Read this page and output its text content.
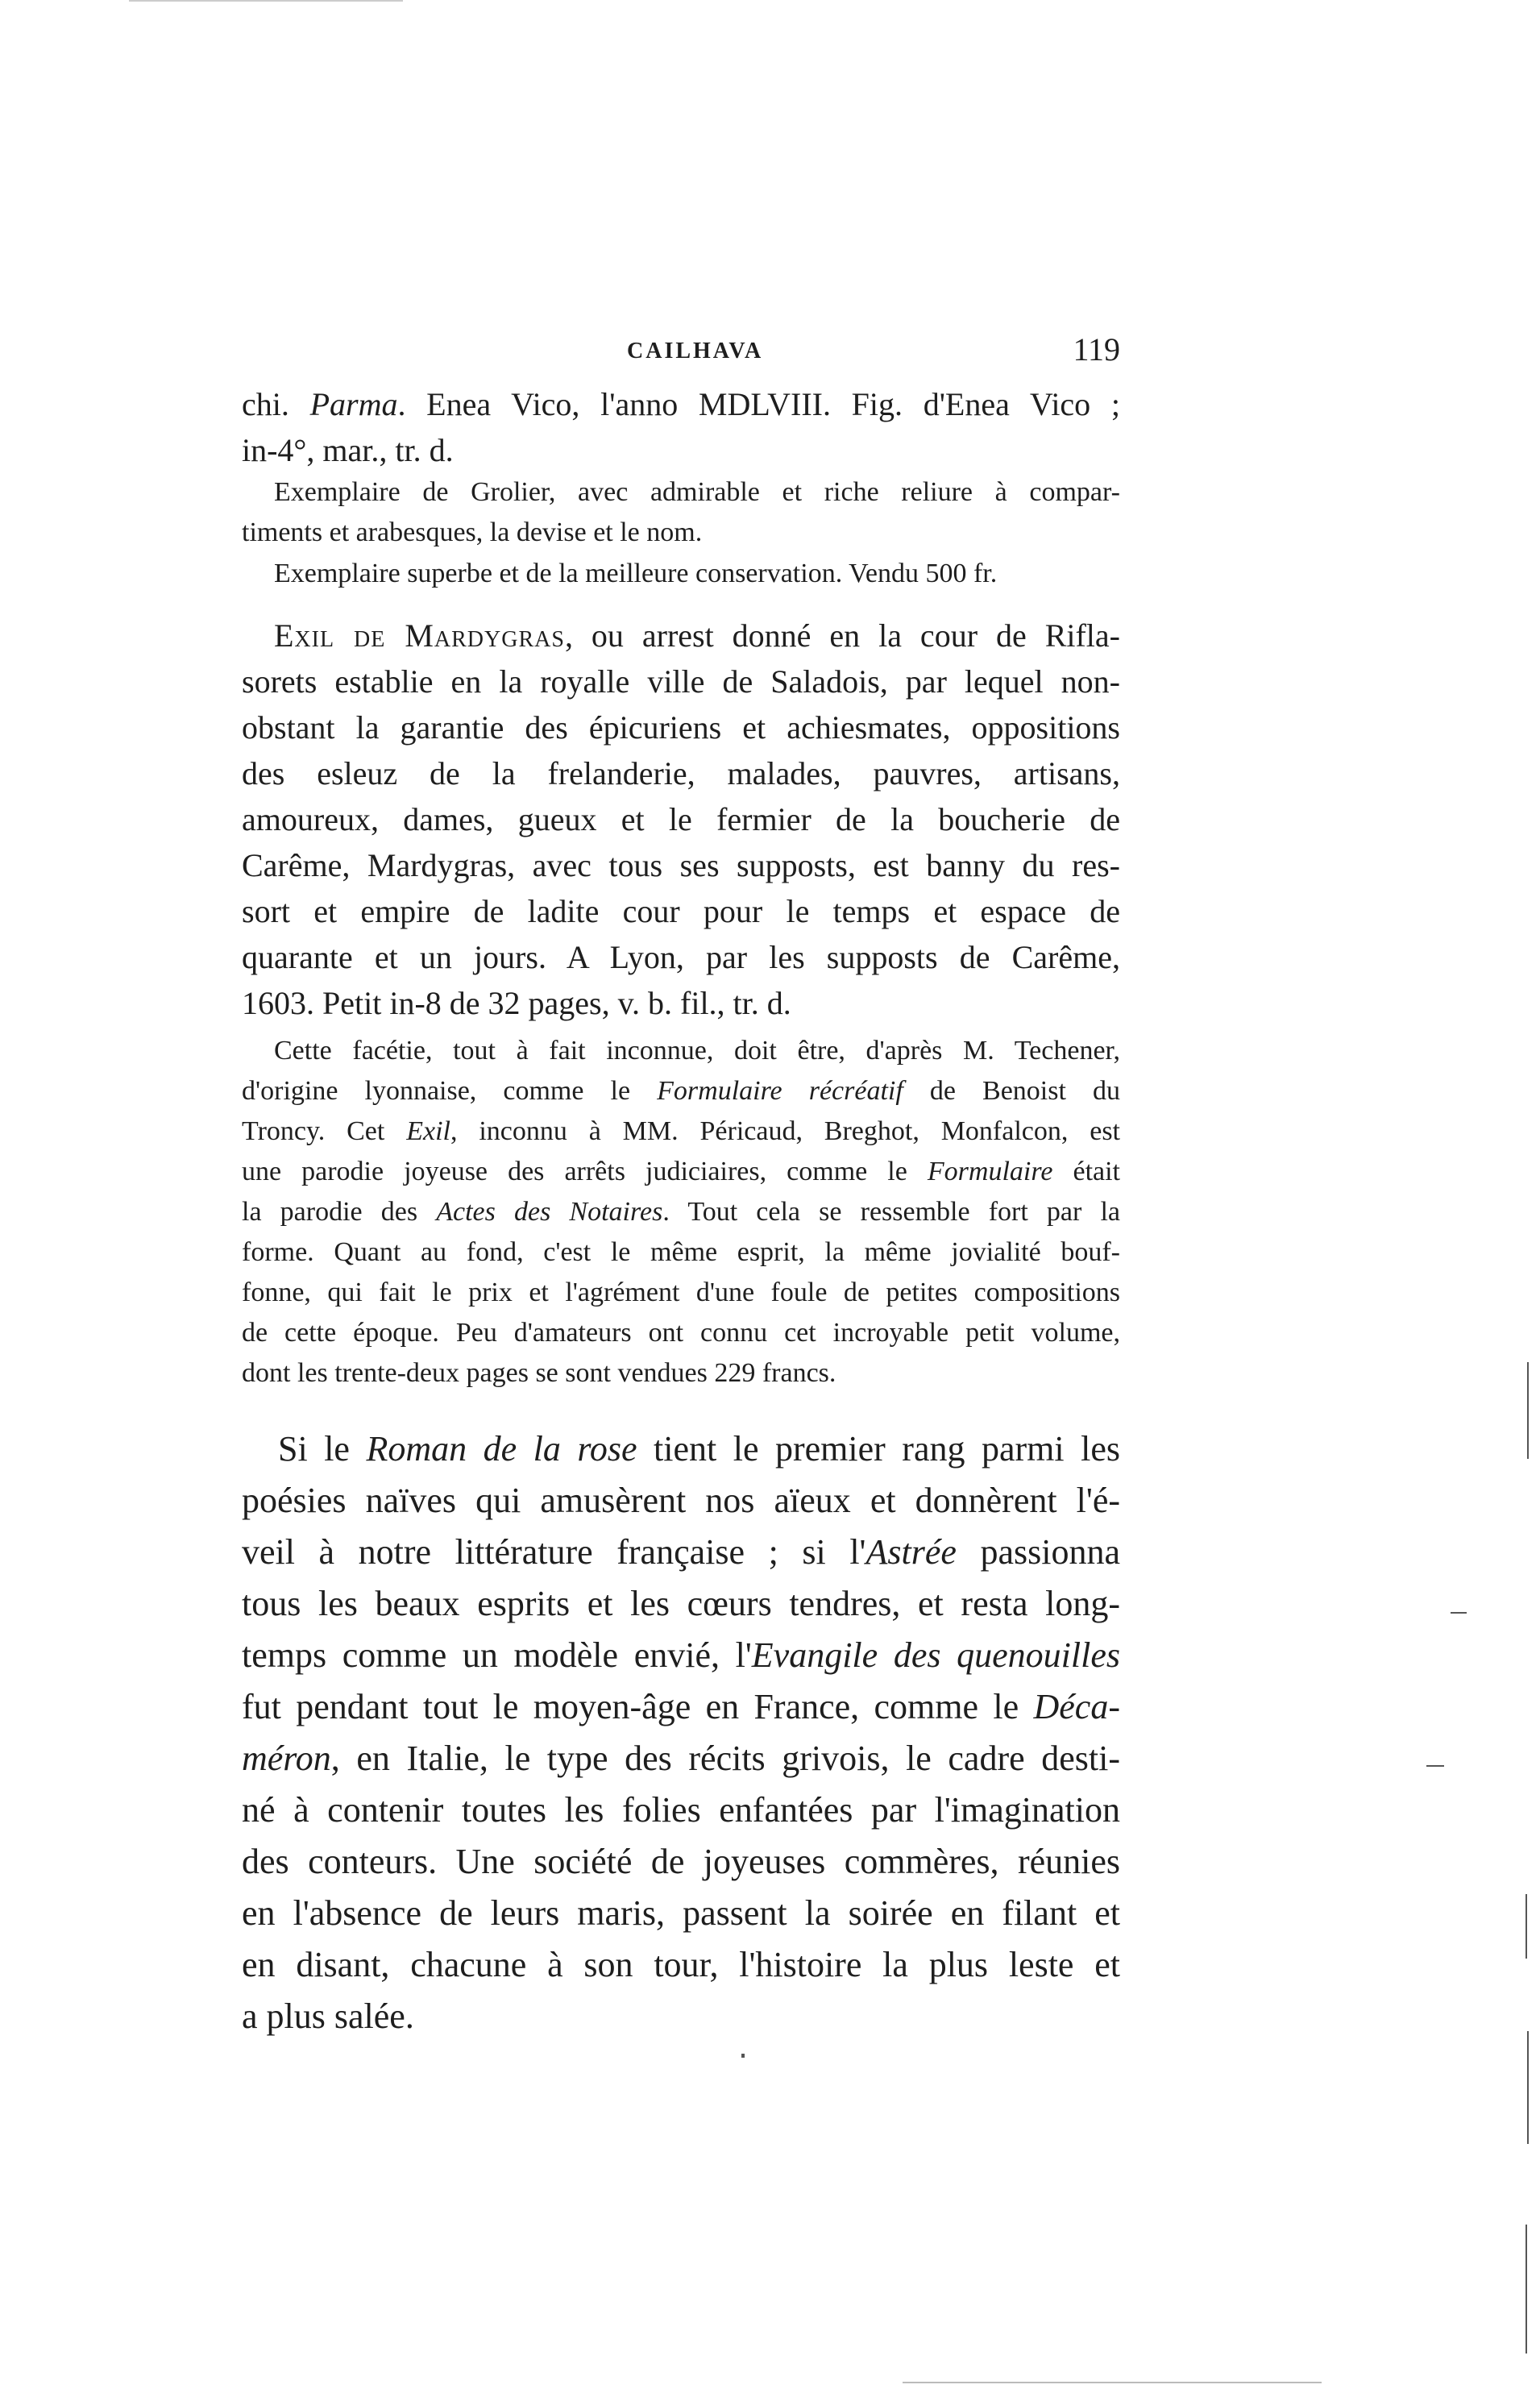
CAILHAVA	119
chi. Parma. Enea Vico, l'anno MDLVIII. Fig. d'Enea Vico ;
in-4°, mar., tr. d.
Exemplaire de Grolier, avec admirable et riche reliure à compar-
timents et arabesques, la devise et le nom.
Exemplaire superbe et de la meilleure conservation. Vendu 500 fr.
Exil de Mardygras, ou arrest donné en la cour de Rifla-
sorets establie en la royalle ville de Saladois, par lequel non-
obstant la garantie des épicuriens et achiesmates, oppositions
des esleuz de la frelanderie, malades, pauvres, artisans,
amoureux, dames, gueux et le fermier de la boucherie de
Carême, Mardygras, avec tous ses supposts, est banny du res-
sort et empire de ladite cour pour le temps et espace de
quarante et un jours. A Lyon, par les supposts de Carême,
1603. Petit in-8 de 32 pages, v. b. fil., tr. d.
Cette facétie, tout à fait inconnue, doit être, d'après M. Techener,
d'origine lyonnaise, comme le Formulaire récréatif de Benoist du
Troncy. Cet Exil, inconnu à MM. Péricaud, Breghot, Monfalcon, est
une parodie joyeuse des arrêts judiciaires, comme le Formulaire était
la parodie des Actes des Notaires. Tout cela se ressemble fort par la
forme. Quant au fond, c'est le même esprit, la même jovialité bouf-
fonne, qui fait le prix et l'agrément d'une foule de petites compositions
de cette époque. Peu d'amateurs ont connu cet incroyable petit volume,
dont les trente-deux pages se sont vendues 229 francs.
Si le Roman de la rose tient le premier rang parmi les
poésies naïves qui amusèrent nos aïeux et donnèrent l'é-
veil à notre littérature française ; si l'Astrée passionna
tous les beaux esprits et les cœurs tendres, et resta long-
temps comme un modèle envié, l'Evangile des quenouilles
fut pendant tout le moyen-âge en France, comme le Déca-
méron, en Italie, le type des récits grivois, le cadre desti-
né à contenir toutes les folies enfantées par l'imagination
des conteurs. Une société de joyeuses commères, réunies
en l'absence de leurs maris, passent la soirée en filant et
en disant, chacune à son tour, l'histoire la plus leste et
a plus salée.
